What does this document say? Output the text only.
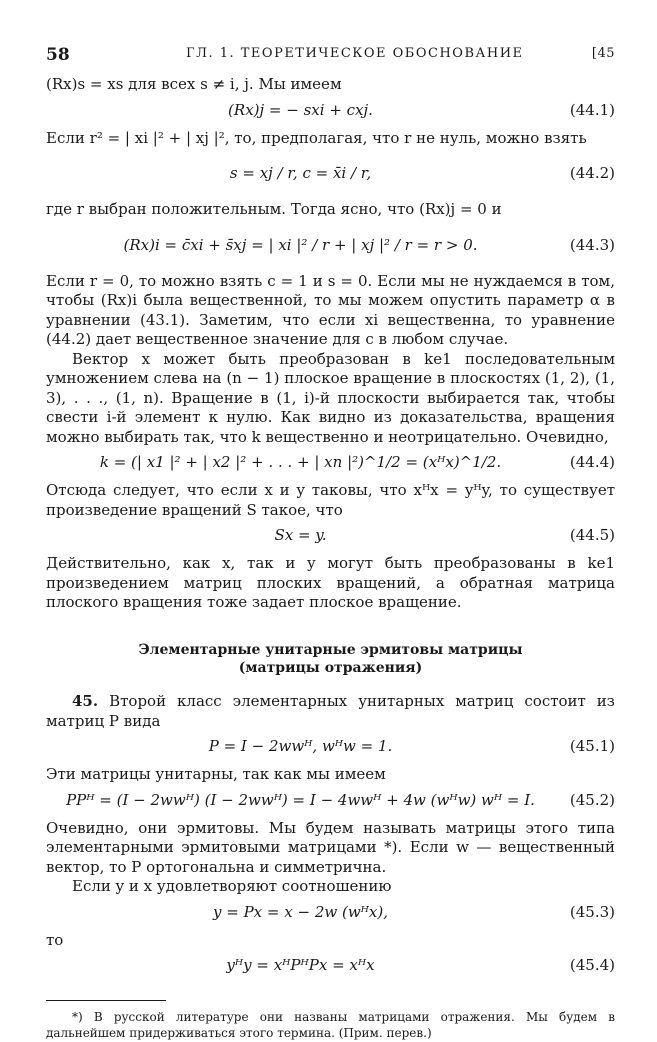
58	ГЛ. 1. ТЕОРЕТИЧЕСКОЕ ОБОСНОВАНИЕ	[45

(Rx)s = xs для всех s ≠ i, j. Мы имеем

(Rx)j = − sxi + cxj.	(44.1)

Если r² = | xi |² + | xj |², то, предполагая, что r не нуль, можно взять

s = xj / r, c = x̄i / r,	(44.2)

где r выбран положительным. Тогда ясно, что (Rx)j = 0 и

(Rx)i = c̄xi + s̄xj = | xi |² / r + | xj |² / r = r > 0.	(44.3)

Если r = 0, то можно взять c = 1 и s = 0. Если мы не нуждаемся в том, чтобы (Rx)i была вещественной, то мы можем опустить параметр α в уравнении (43.1). Заметим, что если xi вещественна, то уравнение (44.2) дает вещественное значение для c в любом случае.

Вектор x может быть преобразован в ke1 последовательным умножением слева на (n − 1) плоское вращение в плоскостях (1, 2), (1, 3), . . ., (1, n). Вращение в (1, i)-й плоскости выбирается так, чтобы свести i-й элемент к нулю. Как видно из доказательства, вращения можно выбирать так, что k вещественно и неотрицательно. Очевидно,

k = (| x1 |² + | x2 |² + . . . + | xn |²)^1/2 = (xᴴx)^1/2.	(44.4)

Отсюда следует, что если x и y таковы, что xᴴx = yᴴy, то существует произведение вращений S такое, что

Sx = y.	(44.5)

Действительно, как x, так и y могут быть преобразованы в ke1 произведением матриц плоских вращений, а обратная матрица плоского вращения тоже задает плоское вращение.

Элементарные унитарные эрмитовы матрицы
(матрицы отражения)

45. Второй класс элементарных унитарных матриц состоит из матриц P вида

P = I − 2wwᴴ, wᴴw = 1.	(45.1)

Эти матрицы унитарны, так как мы имеем

PPᴴ = (I − 2wwᴴ) (I − 2wwᴴ) = I − 4wwᴴ + 4w (wᴴw) wᴴ = I.	(45.2)

Очевидно, они эрмитовы. Мы будем называть матрицы этого типа элементарными эрмитовыми матрицами *). Если w — вещественный вектор, то P ортогональна и симметрична.

Если y и x удовлетворяют соотношению

y = Px = x − 2w (wᴴx),	(45.3)

то

yᴴy = xᴴPᴴPx = xᴴx	(45.4)

*) В русской литературе они названы матрицами отражения. Мы будем в дальнейшем придерживаться этого термина. (Прим. перев.)
